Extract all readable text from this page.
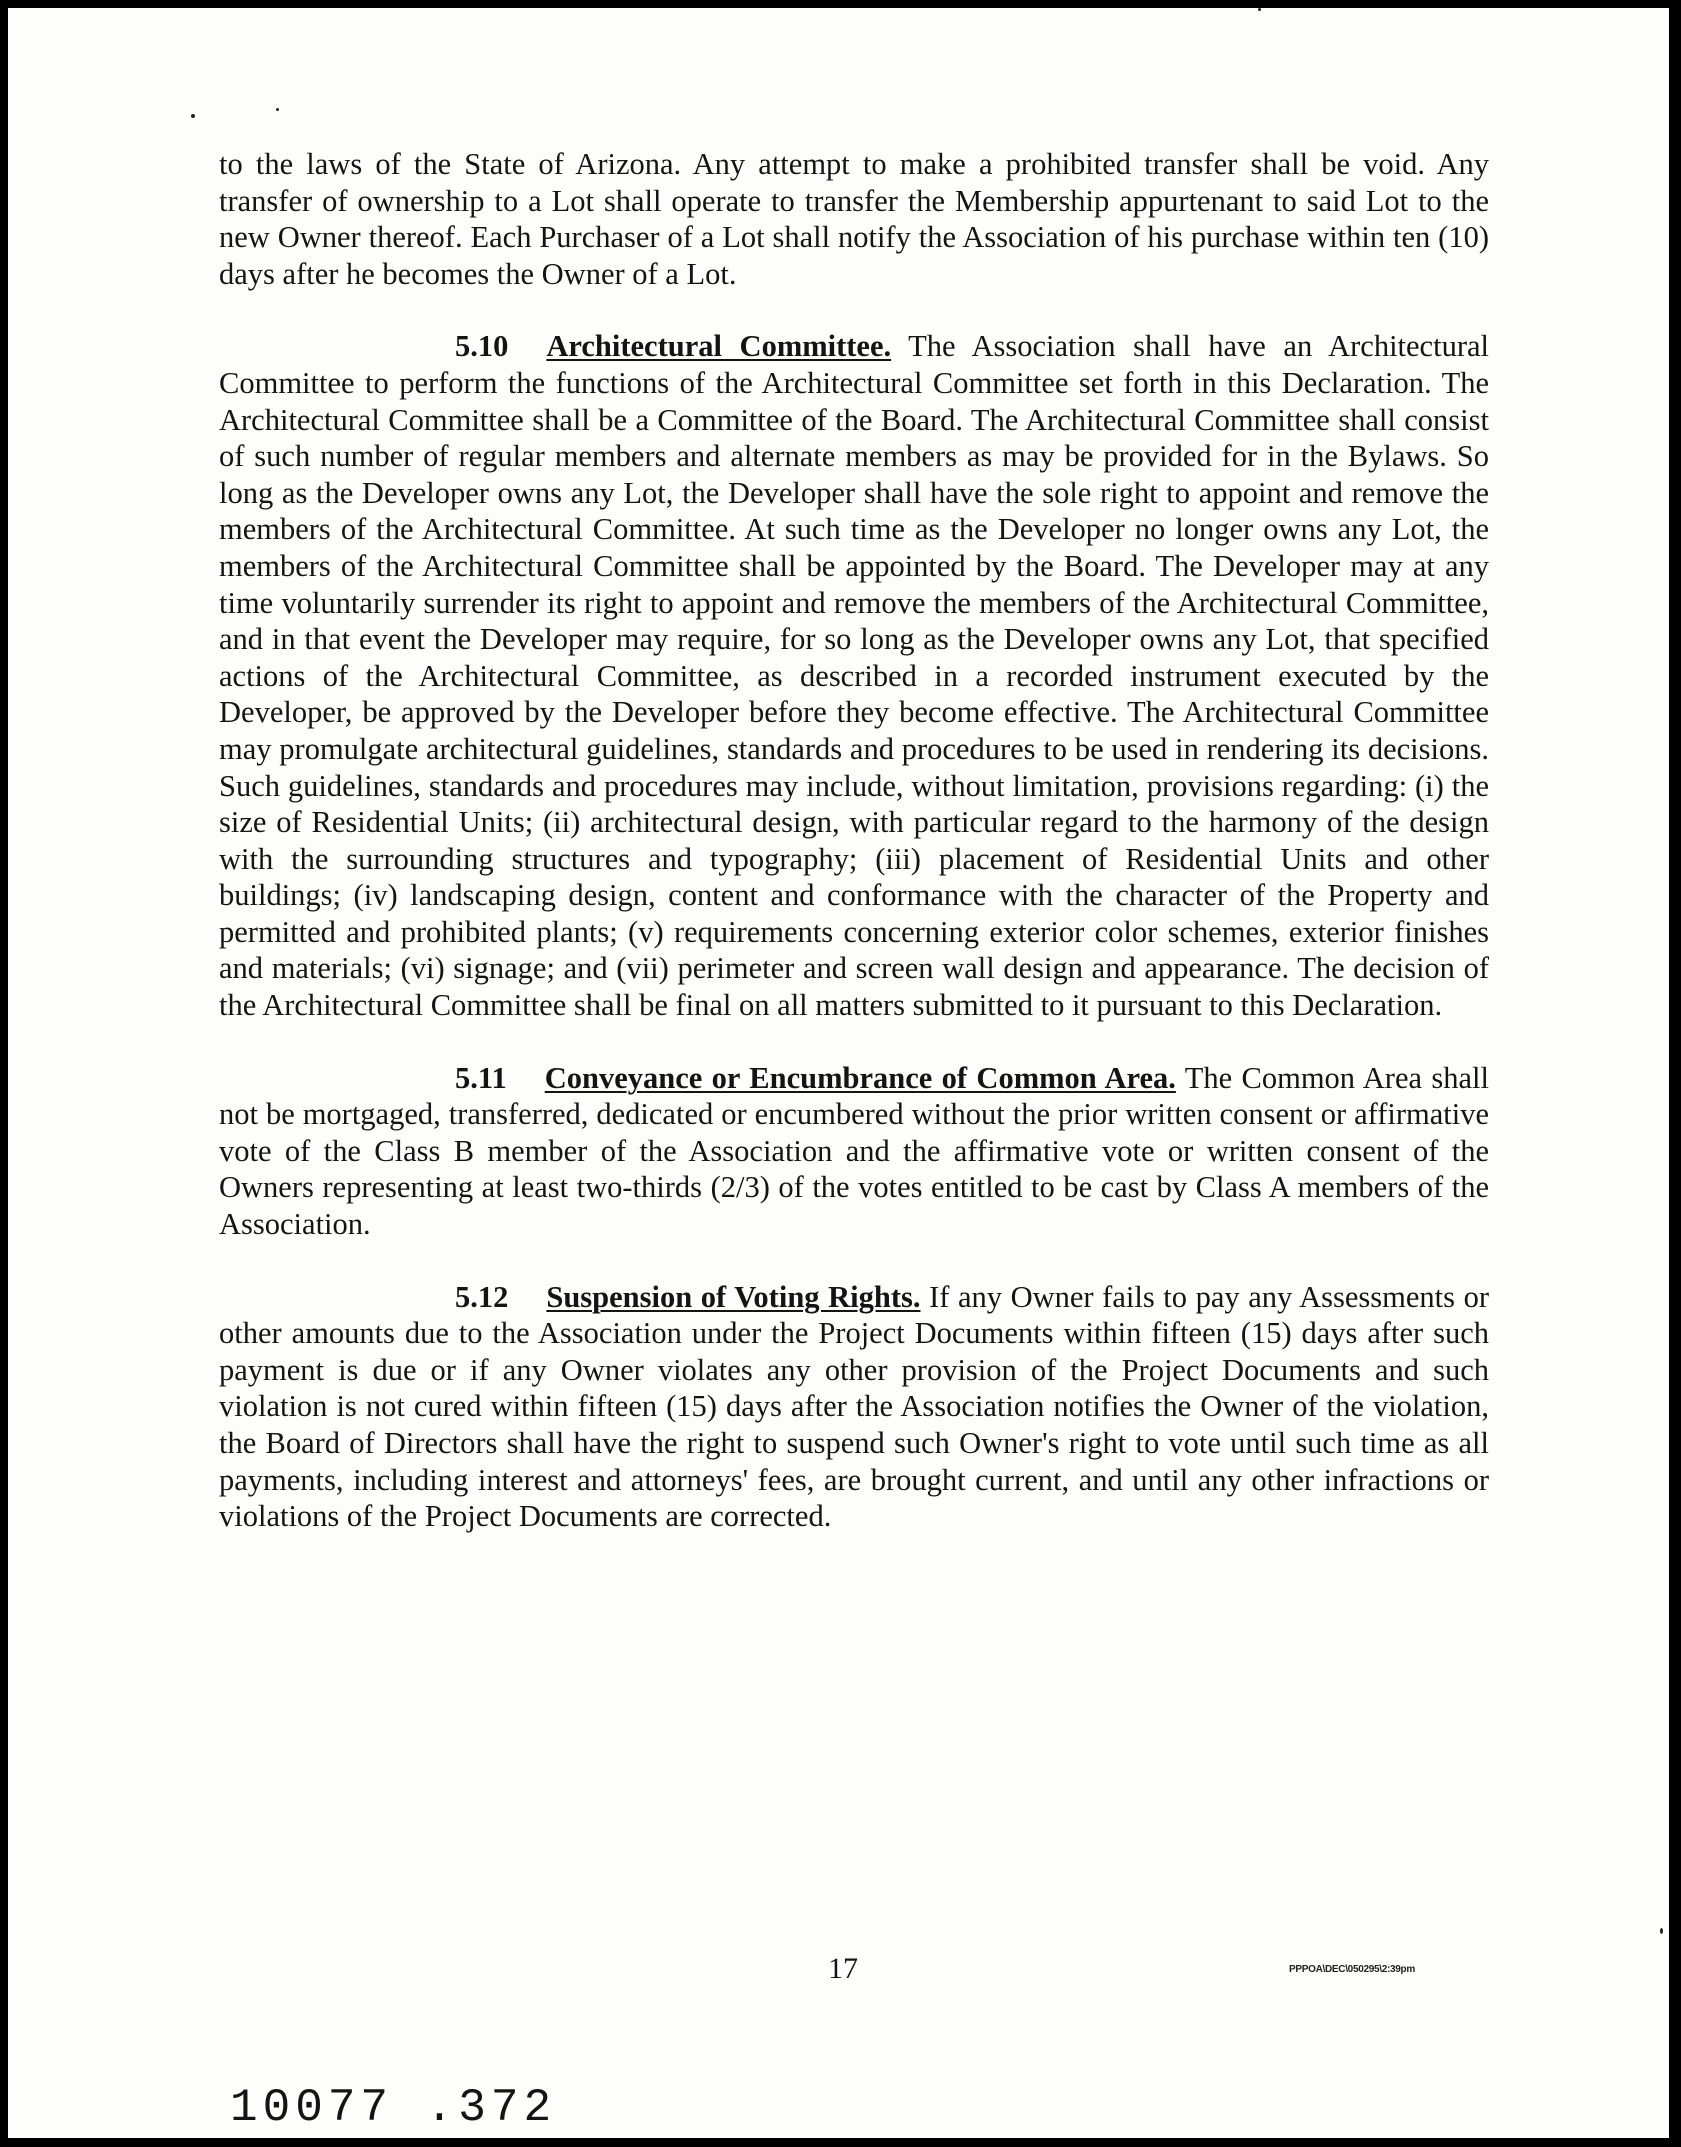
to the laws of the State of Arizona. Any attempt to make a prohibited transfer shall be void. Any transfer of ownership to a Lot shall operate to transfer the Membership appurtenant to said Lot to the new Owner thereof. Each Purchaser of a Lot shall notify the Association of his purchase within ten (10) days after he becomes the Owner of a Lot.

5.10 Architectural Committee. The Association shall have an Architectural Committee to perform the functions of the Architectural Committee set forth in this Declaration. The Architectural Committee shall be a Committee of the Board. The Architectural Committee shall consist of such number of regular members and alternate members as may be provided for in the Bylaws. So long as the Developer owns any Lot, the Developer shall have the sole right to appoint and remove the members of the Architectural Committee. At such time as the Developer no longer owns any Lot, the members of the Architectural Committee shall be appointed by the Board. The Developer may at any time voluntarily surrender its right to appoint and remove the members of the Architectural Committee, and in that event the Developer may require, for so long as the Developer owns any Lot, that specified actions of the Architectural Committee, as described in a recorded instrument executed by the Developer, be approved by the Developer before they become effective. The Architectural Committee may promulgate architectural guidelines, standards and procedures to be used in rendering its decisions. Such guidelines, standards and procedures may include, without limitation, provisions regarding: (i) the size of Residential Units; (ii) architectural design, with particular regard to the harmony of the design with the surrounding structures and typography; (iii) placement of Residential Units and other buildings; (iv) landscaping design, content and conformance with the character of the Property and permitted and prohibited plants; (v) requirements concerning exterior color schemes, exterior finishes and materials; (vi) signage; and (vii) perimeter and screen wall design and appearance. The decision of the Architectural Committee shall be final on all matters submitted to it pursuant to this Declaration.

5.11 Conveyance or Encumbrance of Common Area. The Common Area shall not be mortgaged, transferred, dedicated or encumbered without the prior written consent or affirmative vote of the Class B member of the Association and the affirmative vote or written consent of the Owners representing at least two-thirds (2/3) of the votes entitled to be cast by Class A members of the Association.

5.12 Suspension of Voting Rights. If any Owner fails to pay any Assessments or other amounts due to the Association under the Project Documents within fifteen (15) days after such payment is due or if any Owner violates any other provision of the Project Documents and such violation is not cured within fifteen (15) days after the Association notifies the Owner of the violation, the Board of Directors shall have the right to suspend such Owner's right to vote until such time as all payments, including interest and attorneys' fees, are brought current, and until any other infractions or violations of the Project Documents are corrected.

17	PPPOA\DEC\050295\2:39pm
10077 .372
